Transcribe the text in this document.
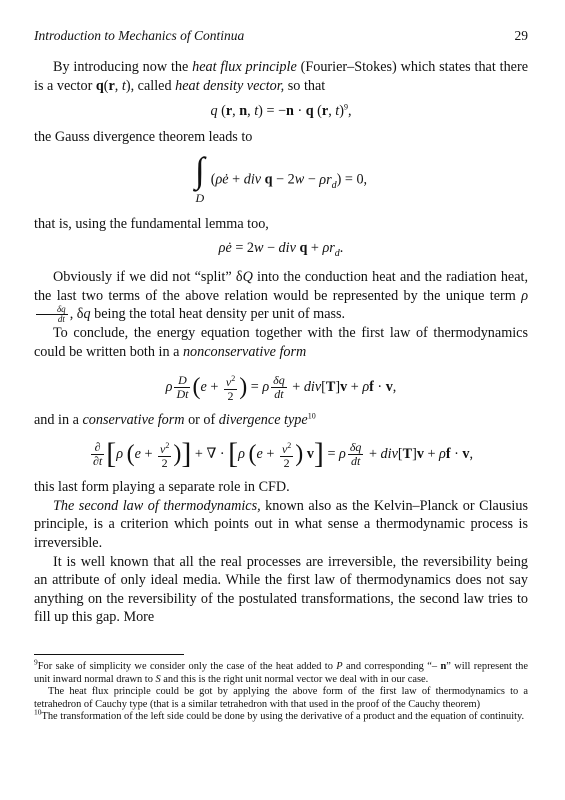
Introduction to Mechanics of Continua	29

By introducing now the heat flux principle (Fourier–Stokes) which states that there is a vector q(r, t), called heat density vector, so that

q (r, n, t) = −n · q (r, t)$^9$,

the Gauss divergence theorem leads to

∫
D
(ρė + div $q - 2w - \rho r_d) = 0$,

that is, using the fundamental lemma too,

ρė = 2w − div $q + \rho r_d$.

Obviously if we did not “split” δQ into the conduction heat and the radiation heat, the last two terms of the above relation would be represented by the unique term ρ
$\frac{\delta q}{dt}$ , δq being the total heat density per unit of mass.

To conclude, the energy equation together with the first law of thermodynamics could be written both in a nonconservative form

ρ $\frac{D}{Dt} (e + \frac{v^2}{2}$ ) = ρ $\frac{\delta q}{dt} + div[T]v + \rho f \cdot v$,

and in a conservative form or of divergence type$^{10}$

$\frac{\partial}{\partial t} [\rho$ ($e + \frac{v^2}{2}$ )] + ∇ · [ρ ($e + \frac{v^2}{2}$ ) v] = ρ $\frac{\delta q}{dt} + div[T]v + \rho f \cdot v$,

this last form playing a separate role in CFD.

The second law of thermodynamics, known also as the Kelvin–Planck or Clausius principle, is a criterion which points out in what sense a thermodynamic process is irreversible.

It is well known that all the real processes are irreversible, the reversibility being an attribute of only ideal media. While the first law of thermodynamics does not say anything on the reversibility of the postulated transformations, the second law tries to fill up this gap. More

$^9$For sake of simplicity we consider only the case of the heat added to P and corresponding “– n” will represent the unit inward normal drawn to S and this is the right unit normal vector we deal with in our case.

The heat flux principle could be got by applying the above form of the first law of thermodynamics to a tetrahedron of Cauchy type (that is a similar tetrahedron with that used in the proof of the Cauchy theorem)

$^{10}$The transformation of the left side could be done by using the derivative of a product and the equation of continuity.
